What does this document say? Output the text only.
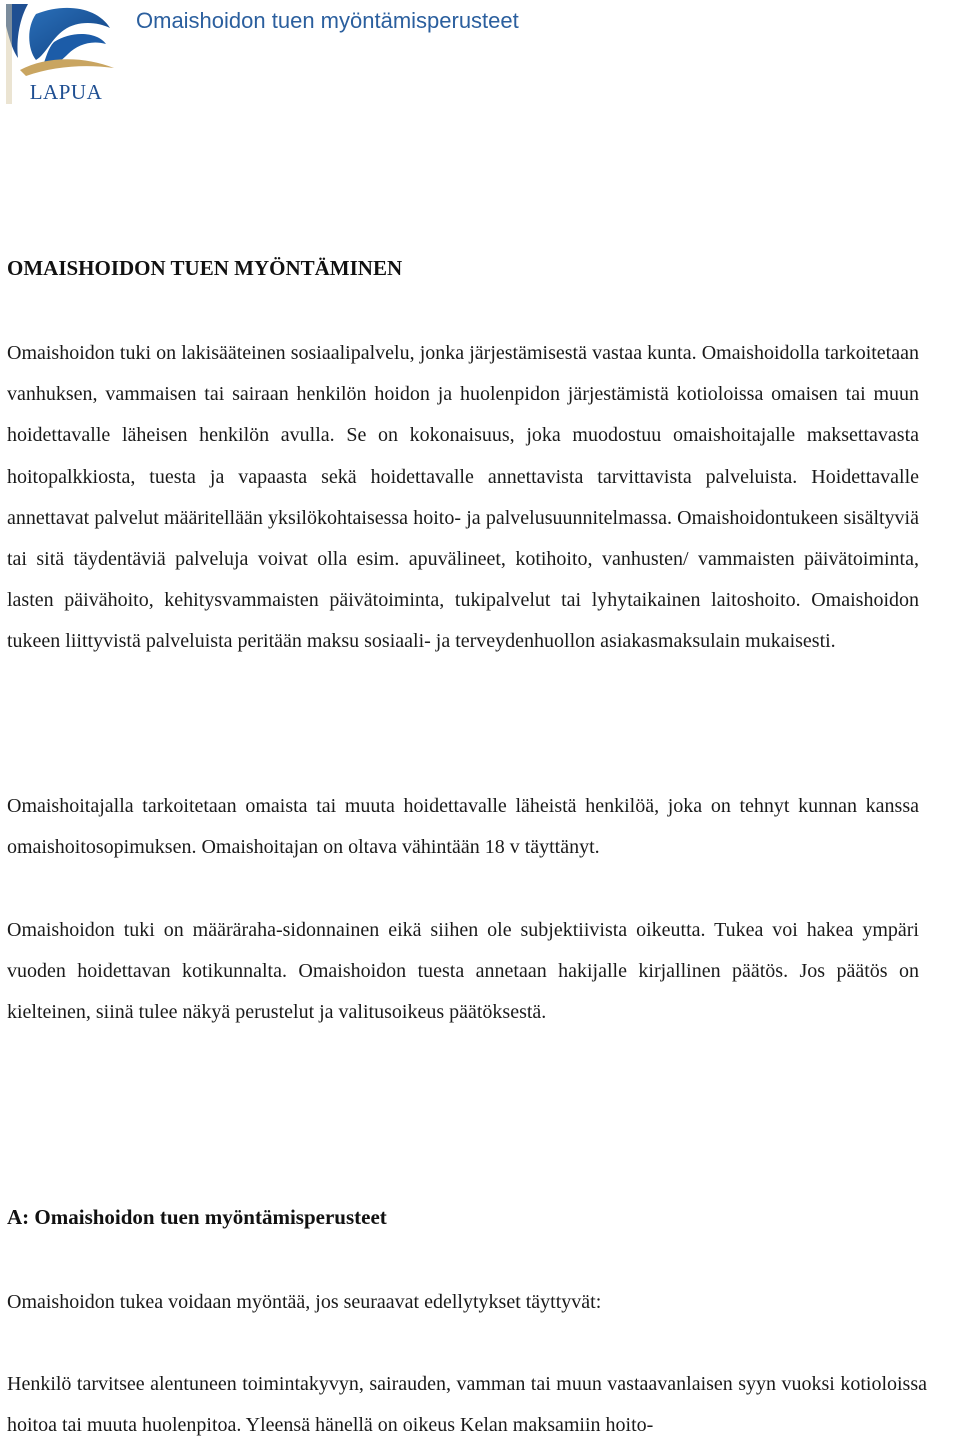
LAPUA
Omaishoidon tuen myöntämisperusteet
OMAISHOIDON TUEN MYÖNTÄMINEN

Omaishoidon tuki on lakisääteinen sosiaalipalvelu, jonka järjestämisestä vastaa kunta. Omaishoidolla tarkoitetaan vanhuksen, vammaisen tai sairaan henkilön hoidon ja huolenpidon järjestämistä kotioloissa omaisen tai muun hoidettavalle läheisen henkilön avulla. Se on kokonaisuus, joka muodostuu omaishoitajalle maksettavasta hoitopalkkiosta, tuesta ja vapaasta sekä hoidettavalle annettavista tarvittavista palveluista. Hoidettavalle annettavat palvelut määritellään yksilökohtaisessa hoito- ja palvelusuunnitelmassa. Omaishoidontukeen sisältyviä tai sitä täydentäviä palveluja voivat olla esim. apuvälineet, kotihoito, vanhusten/ vammaisten päivätoiminta, lasten päivähoito, kehitysvammaisten päivätoiminta, tukipalvelut tai lyhytaikainen laitoshoito. Omaishoidon tukeen liittyvistä palveluista peritään maksu sosiaali- ja terveydenhuollon asiakasmaksulain mukaisesti.

Omaishoitajalla tarkoitetaan omaista tai muuta hoidettavalle läheistä henkilöä, joka on tehnyt kunnan kanssa omaishoitosopimuksen. Omaishoitajan on oltava vähintään 18 v täyttänyt.

Omaishoidon tuki on määräraha-sidonnainen eikä siihen ole subjektiivista oikeutta. Tukea voi hakea ympäri vuoden hoidettavan kotikunnalta. Omaishoidon tuesta annetaan hakijalle kirjallinen päätös. Jos päätös on kielteinen, siinä tulee näkyä perustelut ja valitusoikeus päätöksestä.

A: Omaishoidon tuen myöntämisperusteet

Omaishoidon tukea voidaan myöntää, jos seuraavat edellytykset täyttyvät:

Henkilö tarvitsee alentuneen toimintakyvyn, sairauden, vamman tai muun vastaavanlaisen syyn vuoksi kotioloissa hoitoa tai muuta huolenpitoa. Yleensä hänellä on oikeus Kelan maksamiin hoito-
